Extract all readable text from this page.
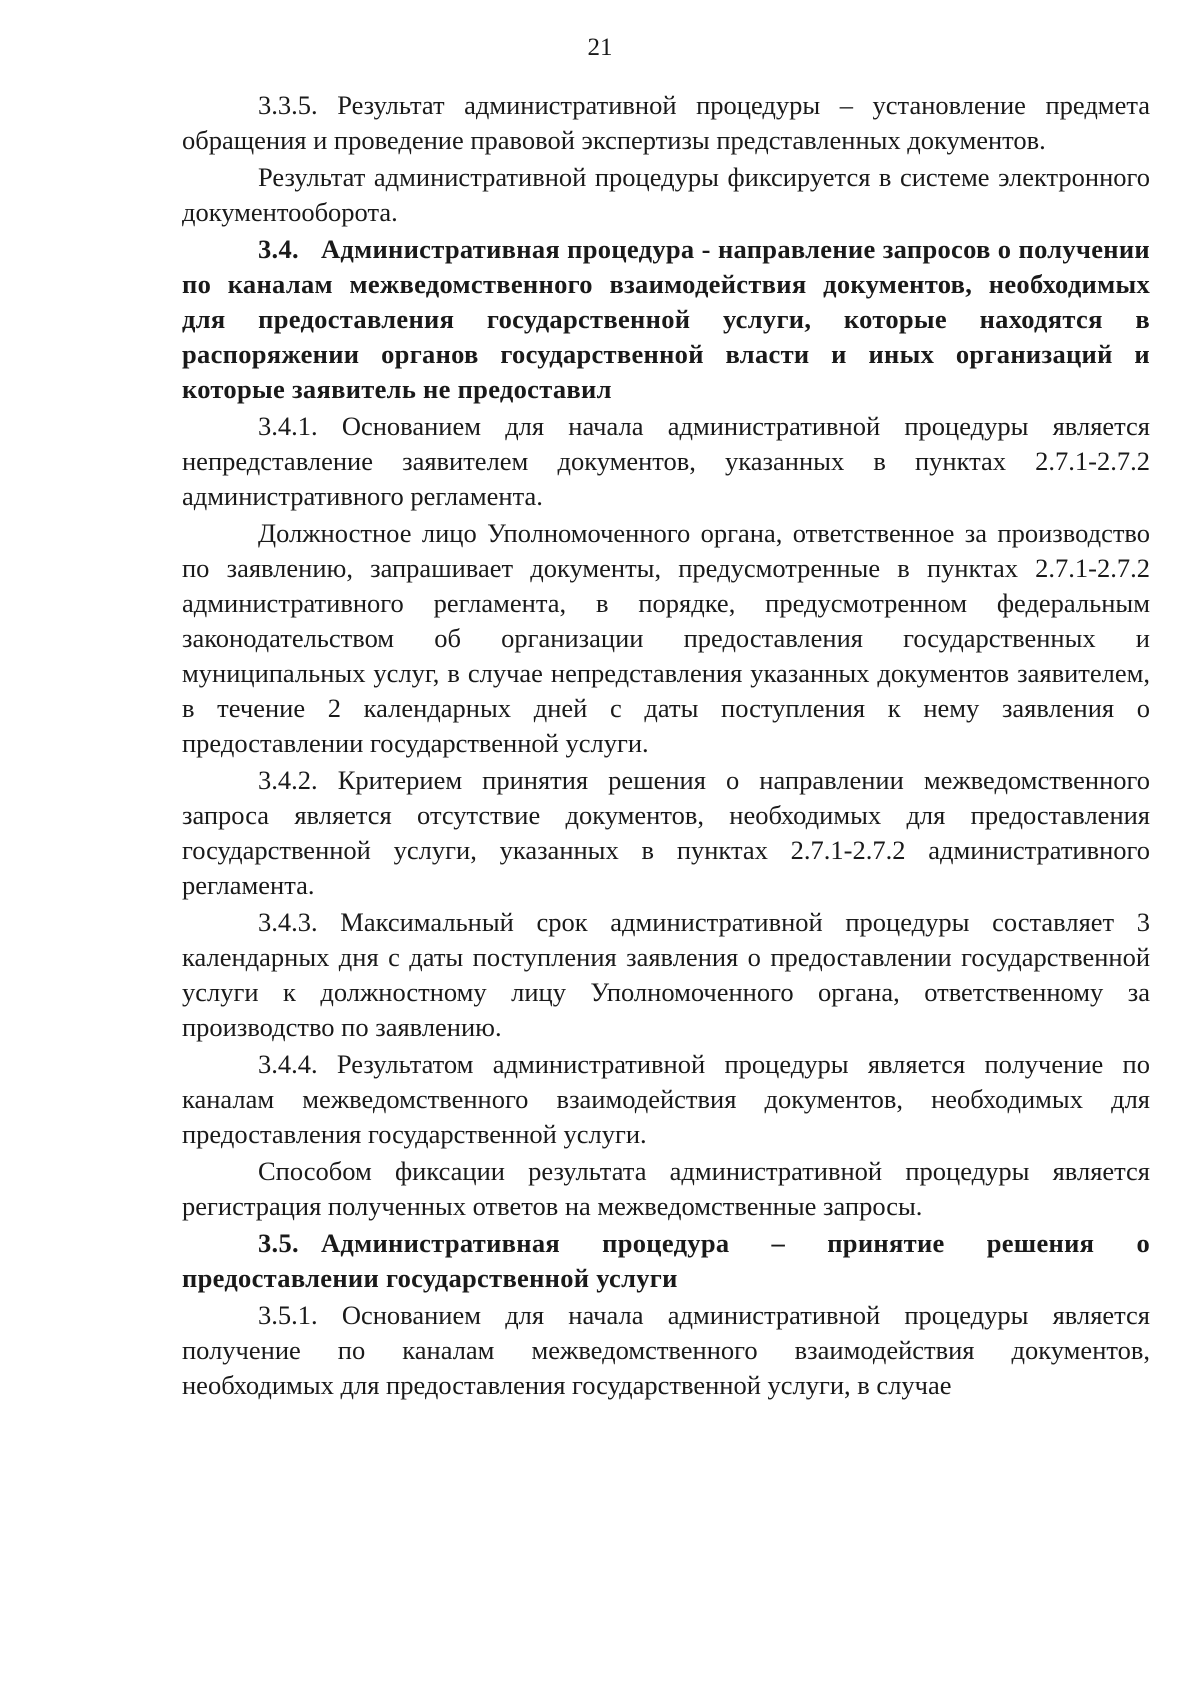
21

3.3.5. Результат административной процедуры – установление предмета обращения и проведение правовой экспертизы представленных документов.

Результат административной процедуры фиксируется в системе электронного документооборота.

3.4. Административная процедура - направление запросов о получении по каналам межведомственного взаимодействия документов, необходимых для предоставления государственной услуги, которые находятся в распоряжении органов государственной власти и иных организаций и которые заявитель не предоставил

3.4.1. Основанием для начала административной процедуры является непредставление заявителем документов, указанных в пунктах 2.7.1-2.7.2 административного регламента.

Должностное лицо Уполномоченного органа, ответственное за производство по заявлению, запрашивает документы, предусмотренные в пунктах 2.7.1-2.7.2 административного регламента, в порядке, предусмотренном федеральным законодательством об организации предоставления государственных и муниципальных услуг, в случае непредставления указанных документов заявителем, в течение 2 календарных дней с даты поступления к нему заявления о предоставлении государственной услуги.

3.4.2. Критерием принятия решения о направлении межведомственного запроса является отсутствие документов, необходимых для предоставления государственной услуги, указанных в пунктах 2.7.1-2.7.2 административного регламента.

3.4.3. Максимальный срок административной процедуры составляет 3 календарных дня с даты поступления заявления о предоставлении государственной услуги к должностному лицу Уполномоченного органа, ответственному за производство по заявлению.

3.4.4. Результатом административной процедуры является получение по каналам межведомственного взаимодействия документов, необходимых для предоставления государственной услуги.

Способом фиксации результата административной процедуры является регистрация полученных ответов на межведомственные запросы.

3.5. Административная процедура – принятие решения о предоставлении государственной услуги

3.5.1. Основанием для начала административной процедуры является получение по каналам межведомственного взаимодействия документов, необходимых для предоставления государственной услуги, в случае
